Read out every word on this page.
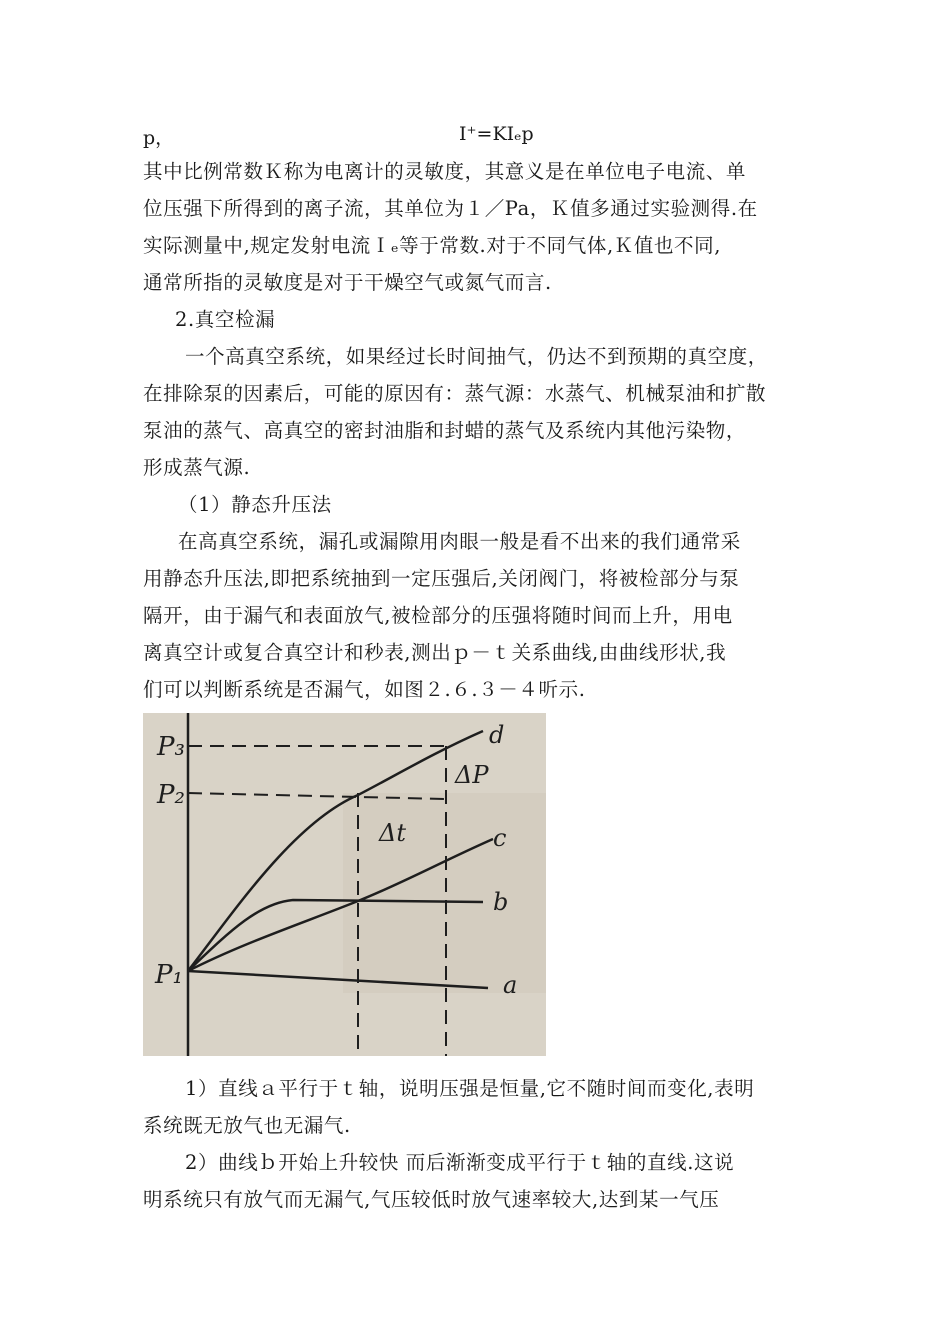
p，	I⁺=KIₑp
其中比例常数Ｋ称为电离计的灵敏度，其意义是在单位电子电流、单
位压强下所得到的离子流，其单位为１／Pa，Ｋ值多通过实验测得.在
实际测量中,规定发射电流Ｉₑ等于常数.对于不同气体,Ｋ值也不同,
通常所指的灵敏度是对于干燥空气或氮气而言.
2.真空检漏
一个高真空系统，如果经过长时间抽气，仍达不到预期的真空度，
在排除泵的因素后，可能的原因有：蒸气源：水蒸气、机械泵油和扩散
泵油的蒸气、高真空的密封油脂和封蜡的蒸气及系统内其他污染物，
形成蒸气源.
（1）静态升压法
在高真空系统，漏孔或漏隙用肉眼一般是看不出来的我们通常采
用静态升压法,即把系统抽到一定压强后,关闭阀门，将被检部分与泵
隔开，由于漏气和表面放气,被检部分的压强将随时间而上升，用电
离真空计或复合真空计和秒表,测出ｐ－ｔ关系曲线,由曲线形状,我
们可以判断系统是否漏气，如图２.６.３－４听示.
P₃
P₂
P₁
ΔP
Δt
a
b
c
d
1）直线ａ平行于ｔ轴，说明压强是恒量,它不随时间而变化,表明
系统既无放气也无漏气.
2）曲线ｂ开始上升较快 而后渐渐变成平行于ｔ轴的直线.这说
明系统只有放气而无漏气,气压较低时放气速率较大,达到某一气压
